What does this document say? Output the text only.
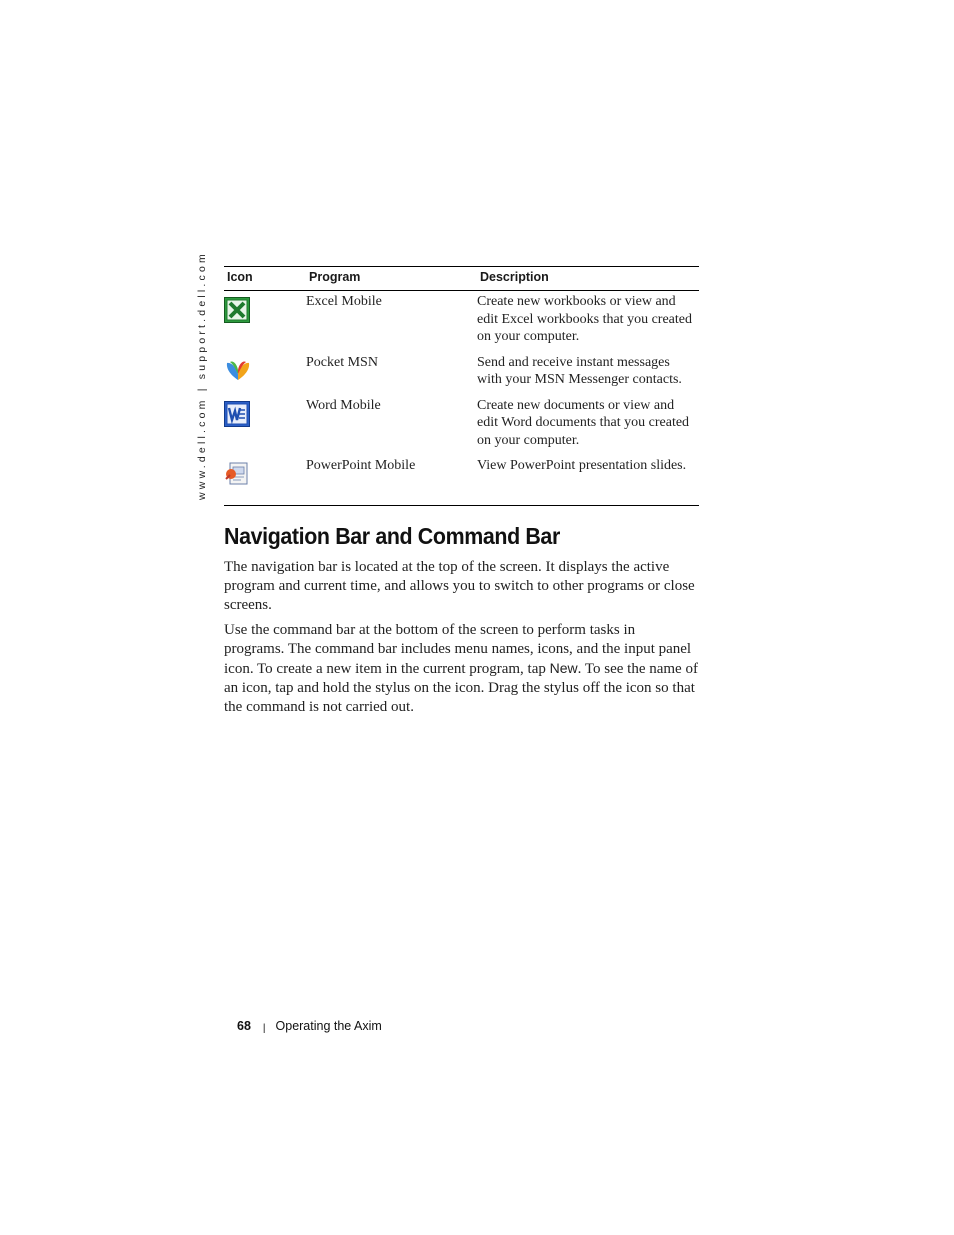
www.dell.com | support.dell.com	Icon	Program	Description

	Excel Mobile	Create new workbooks or view and edit Excel workbooks that you created on your computer.

	Pocket MSN	Send and receive instant messages with your MSN Messenger contacts.

	Word Mobile	Create new documents or view and edit Word documents that you created on your computer.

	PowerPoint Mobile	View PowerPoint presentation slides.
Navigation Bar and Command Bar

The navigation bar is located at the top of the screen. It displays the active program and current time, and allows you to switch to other programs or close screens.

Use the command bar at the bottom of the screen to perform tasks in programs. The command bar includes menu names, icons, and the input panel icon. To create a new item in the current program, tap New. To see the name of an icon, tap and hold the stylus on the icon. Drag the stylus off the icon so that the command is not carried out.

68 | Operating the Axim
